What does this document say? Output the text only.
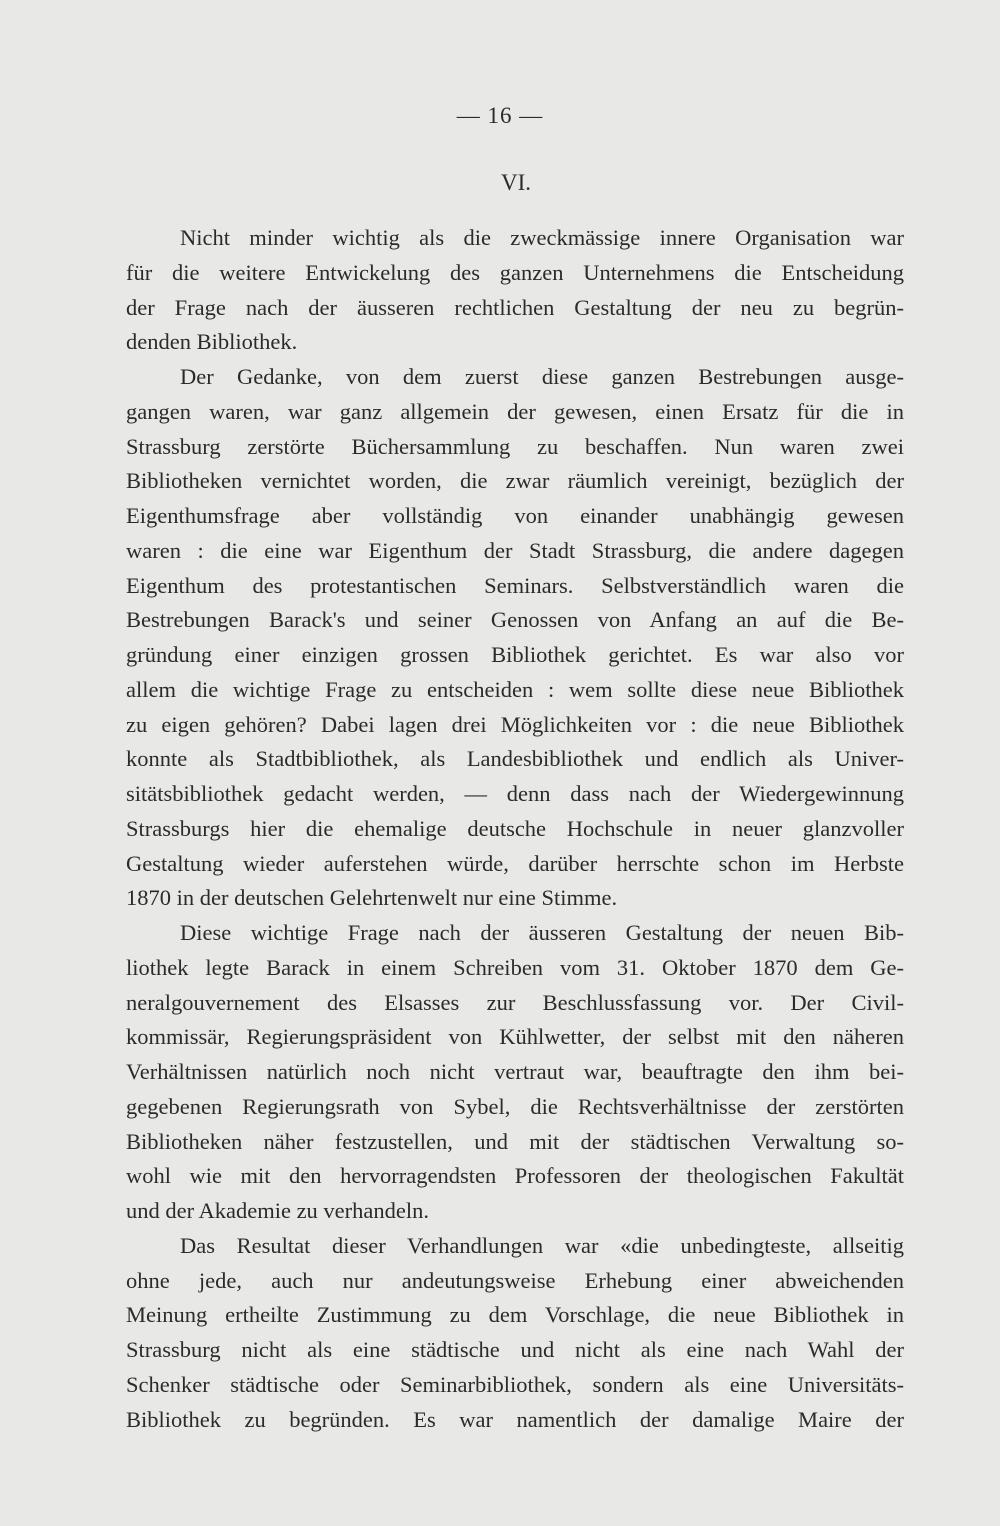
— 16 —
VI.
Nicht minder wichtig als die zweckmässige innere Organisation war
für die weitere Entwickelung des ganzen Unternehmens die Entscheidung
der Frage nach der äusseren rechtlichen Gestaltung der neu zu begrün-
denden Bibliothek.
Der Gedanke, von dem zuerst diese ganzen Bestrebungen ausge-
gangen waren, war ganz allgemein der gewesen, einen Ersatz für die in
Strassburg zerstörte Büchersammlung zu beschaffen. Nun waren zwei
Bibliotheken vernichtet worden, die zwar räumlich vereinigt, bezüglich der
Eigenthumsfrage aber vollständig von einander unabhängig gewesen
waren : die eine war Eigenthum der Stadt Strassburg, die andere dagegen
Eigenthum des protestantischen Seminars. Selbstverständlich waren die
Bestrebungen Barack's und seiner Genossen von Anfang an auf die Be-
gründung einer einzigen grossen Bibliothek gerichtet. Es war also vor
allem die wichtige Frage zu entscheiden : wem sollte diese neue Bibliothek
zu eigen gehören? Dabei lagen drei Möglichkeiten vor : die neue Bibliothek
konnte als Stadtbibliothek, als Landesbibliothek und endlich als Univer-
sitätsbibliothek gedacht werden, — denn dass nach der Wiedergewinnung
Strassburgs hier die ehemalige deutsche Hochschule in neuer glanzvoller
Gestaltung wieder auferstehen würde, darüber herrschte schon im Herbste
1870 in der deutschen Gelehrtenwelt nur eine Stimme.
Diese wichtige Frage nach der äusseren Gestaltung der neuen Bib-
liothek legte Barack in einem Schreiben vom 31. Oktober 1870 dem Ge-
neralgouvernement des Elsasses zur Beschlussfassung vor. Der Civil-
kommissär, Regierungspräsident von Kühlwetter, der selbst mit den näheren
Verhältnissen natürlich noch nicht vertraut war, beauftragte den ihm bei-
gegebenen Regierungsrath von Sybel, die Rechtsverhältnisse der zerstörten
Bibliotheken näher festzustellen, und mit der städtischen Verwaltung so-
wohl wie mit den hervorragendsten Professoren der theologischen Fakultät
und der Akademie zu verhandeln.
Das Resultat dieser Verhandlungen war «die unbedingteste, allseitig
ohne jede, auch nur andeutungsweise Erhebung einer abweichenden
Meinung ertheilte Zustimmung zu dem Vorschlage, die neue Bibliothek in
Strassburg nicht als eine städtische und nicht als eine nach Wahl der
Schenker städtische oder Seminarbibliothek, sondern als eine Universitäts-
Bibliothek zu begründen. Es war namentlich der damalige Maire der
